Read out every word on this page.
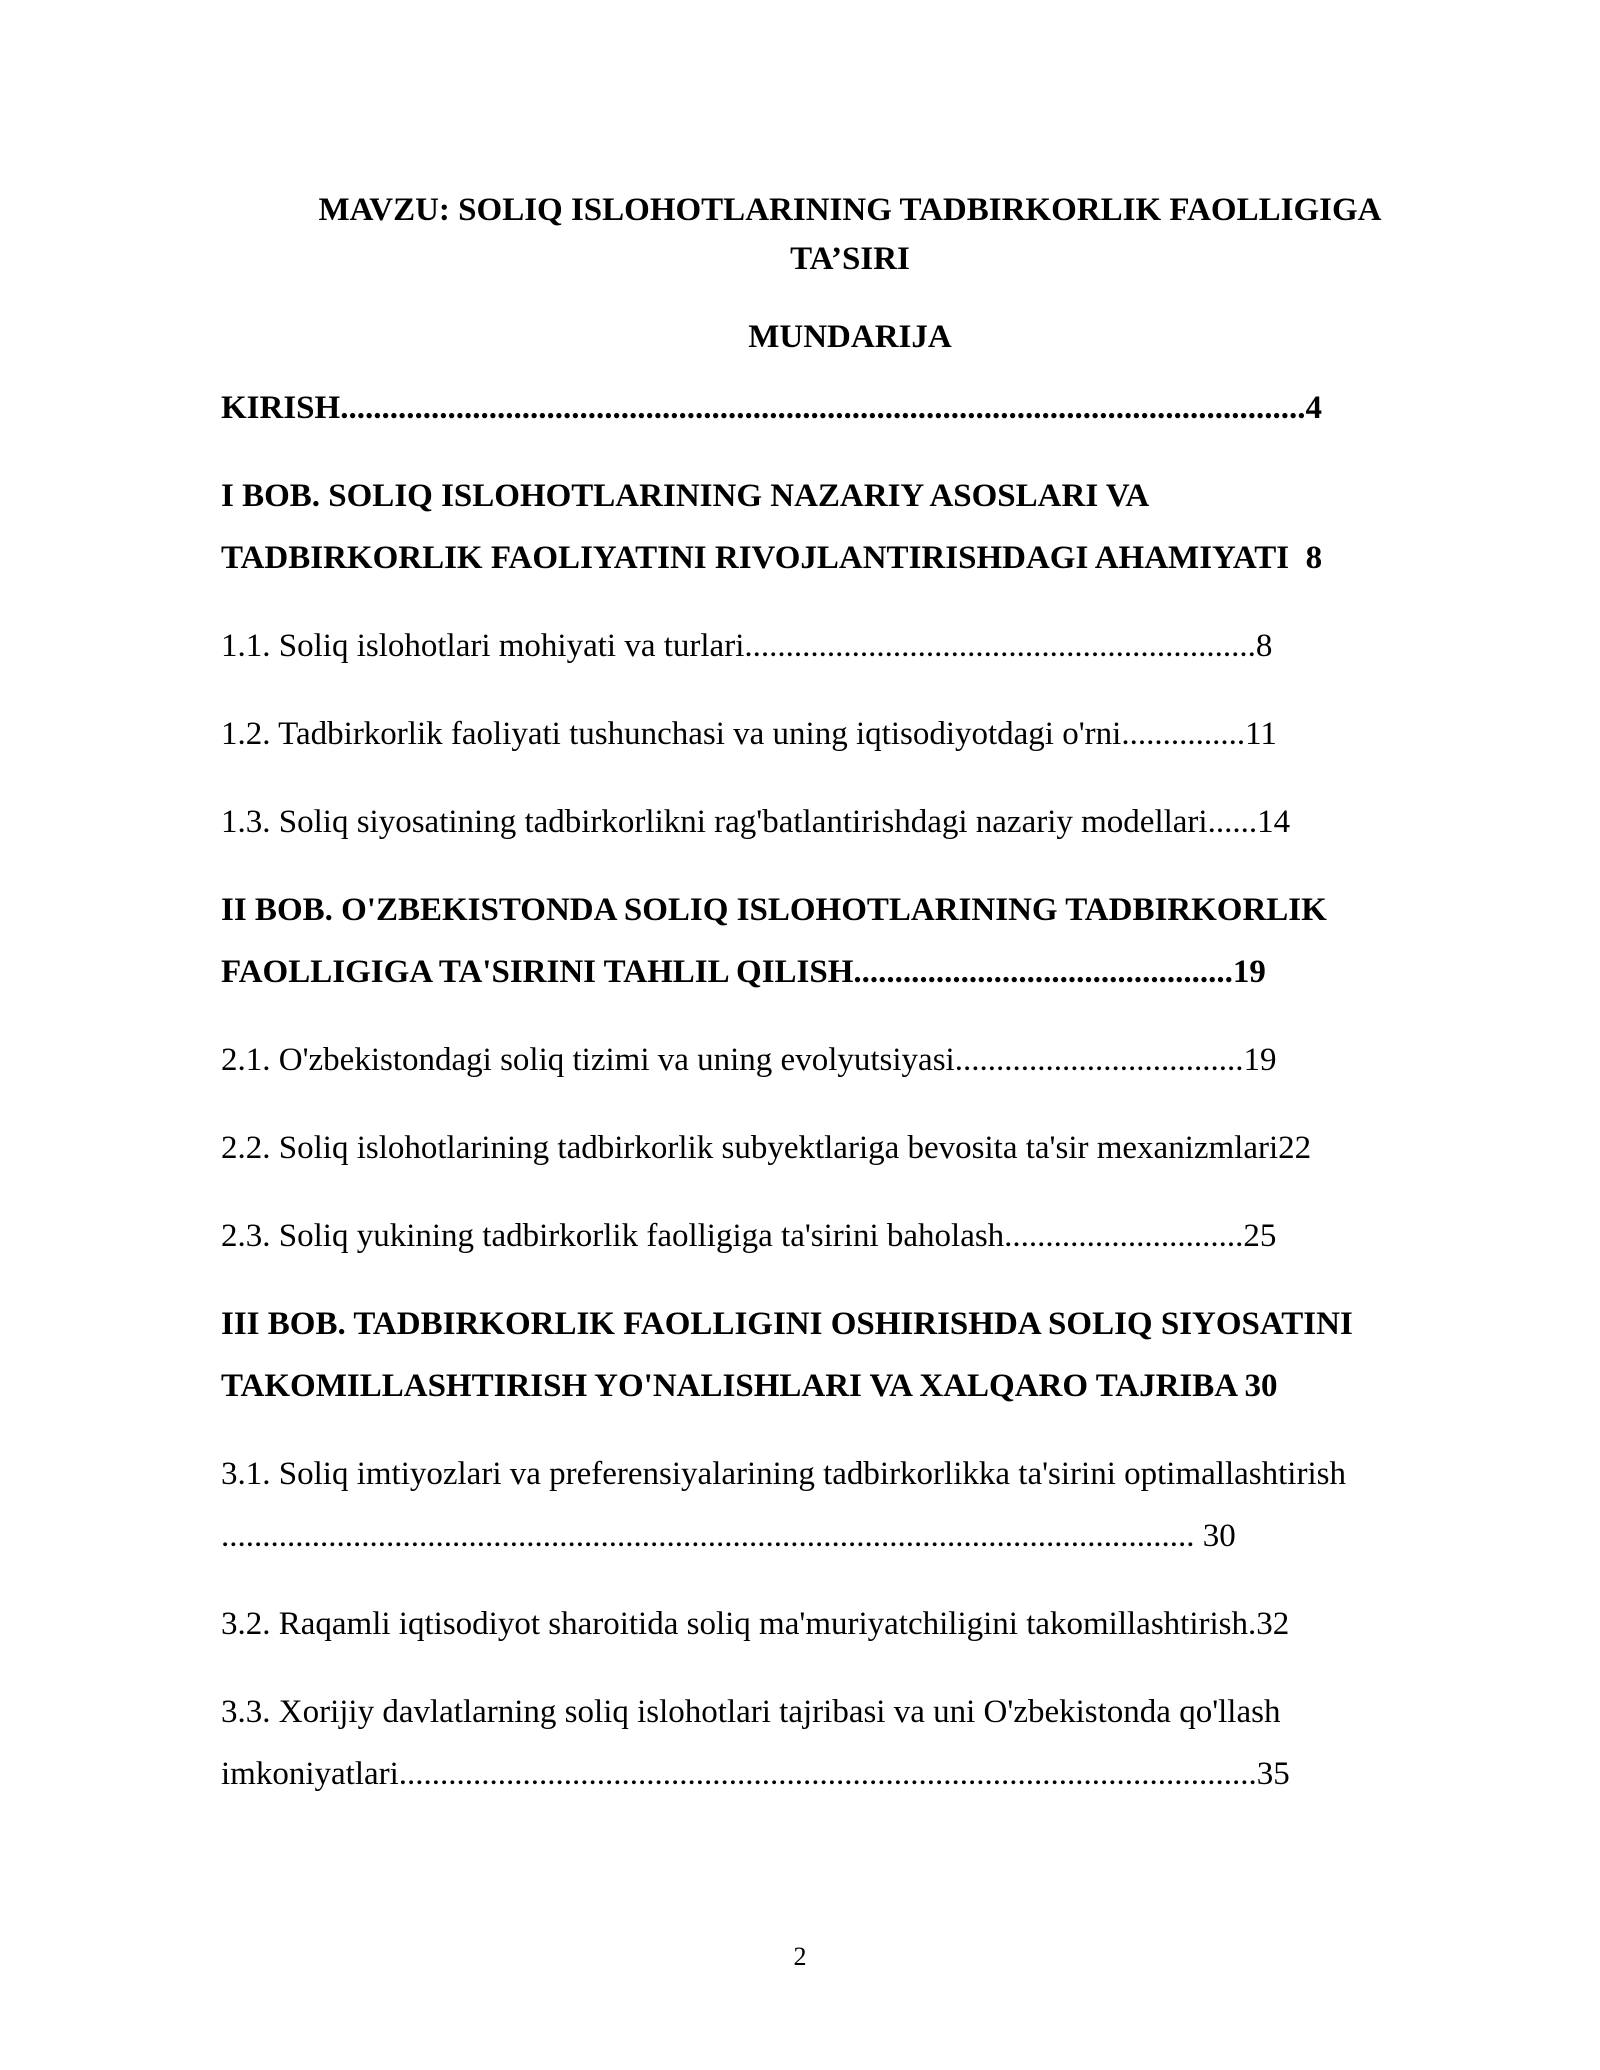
MAVZU: SOLIQ ISLOHOTLARINING TADBIRKORLIK FAOLLIGIGA
TA’SIRI
MUNDARIJA
KIRISH.....................................................................................................................4
I BOB. SOLIQ ISLOHOTLARINING NAZARIY ASOSLARI VA
TADBIRKORLIK FAOLIYATINI RIVOJLANTIRISHDAGI AHAMIYATI  8
1.1. Soliq islohotlari mohiyati va turlari..............................................................8
1.2. Tadbirkorlik faoliyati tushunchasi va uning iqtisodiyotdagi o'rni...............11
1.3. Soliq siyosatining tadbirkorlikni rag'batlantirishdagi nazariy modellari......14
II BOB. O'ZBEKISTONDA SOLIQ ISLOHOTLARINING TADBIRKORLIK
FAOLLIGIGA TA'SIRINI TAHLIL QILISH..............................................19
2.1. O'zbekistondagi soliq tizimi va uning evolyutsiyasi...................................19
2.2. Soliq islohotlarining tadbirkorlik subyektlariga bevosita ta'sir mexanizmlari22
2.3. Soliq yukining tadbirkorlik faolligiga ta'sirini baholash.............................25
III BOB. TADBIRKORLIK FAOLLIGINI OSHIRISHDA SOLIQ SIYOSATINI
TAKOMILLASHTIRISH YO'NALISHLARI VA XALQARO TAJRIBA 30
3.1. Soliq imtiyozlari va preferensiyalarining tadbirkorlikka ta'sirini optimallashtirish
...................................................................................................................... 30
3.2. Raqamli iqtisodiyot sharoitida soliq ma'muriyatchiligini takomillashtirish.32
3.3. Xorijiy davlatlarning soliq islohotlari tajribasi va uni O'zbekistonda qo'llash
imkoniyatlari........................................................................................................35
2
